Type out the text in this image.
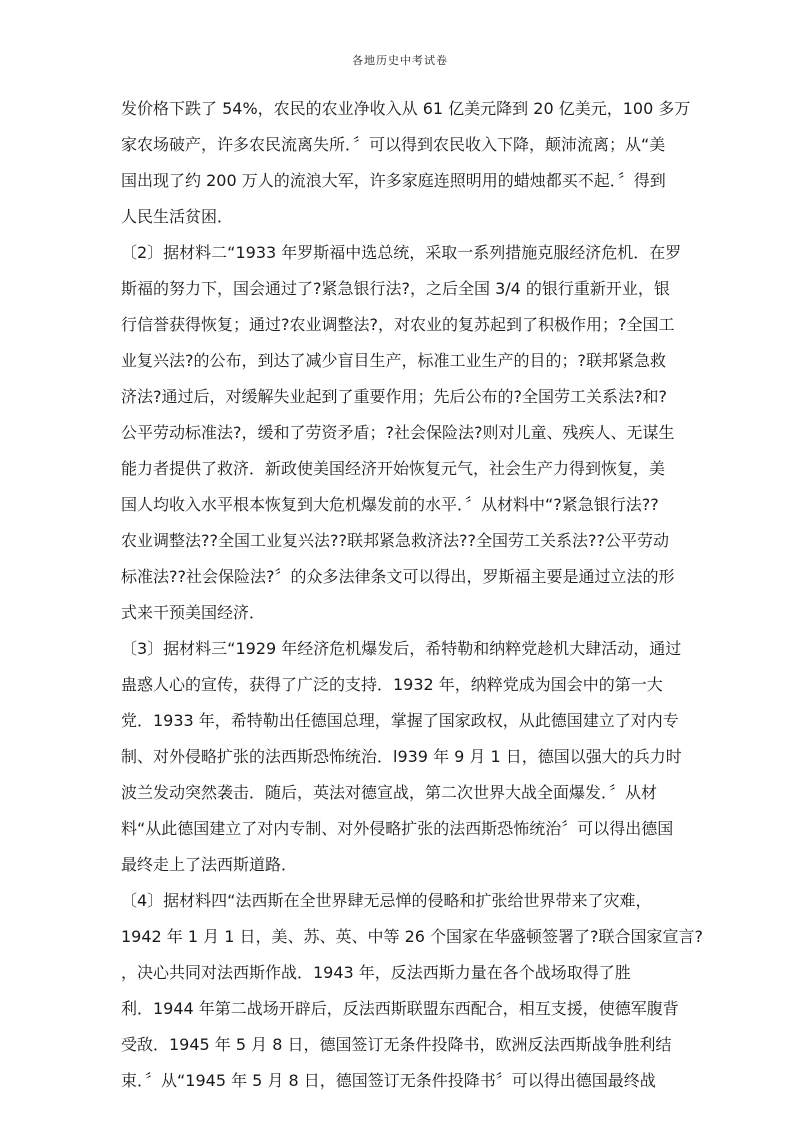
各地历史中考试卷
发价格下跌了 54%，农民的农业净收入从 61 亿美元降到 20 亿美元，100 多万
家农场破产，许多农民流离失所．〞可以得到农民收入下降，颠沛流离；从“美
国出现了约 200 万人的流浪大军，许多家庭连照明用的蜡烛都买不起．〞得到
人民生活贫困．
〔2〕据材料二“1933 年罗斯福中选总统，采取一系列措施克服经济危机．在罗
斯福的努力下，国会通过了?紧急银行法?，之后全国 3/4 的银行重新开业，银
行信誉获得恢复；通过?农业调整法?，对农业的复苏起到了积极作用；?全国工
业复兴法?的公布，到达了减少盲目生产，标准工业生产的目的；?联邦紧急救
济法?通过后，对缓解失业起到了重要作用；先后公布的?全国劳工关系法?和?
公平劳动标准法?，缓和了劳资矛盾；?社会保险法?则对儿童、残疾人、无谋生
能力者提供了救济．新政使美国经济开始恢复元气，社会生产力得到恢复，美
国人均收入水平根本恢复到大危机爆发前的水平．〞从材料中“?紧急银行法??
农业调整法??全国工业复兴法??联邦紧急救济法??全国劳工关系法??公平劳动
标准法??社会保险法?〞的众多法律条文可以得出，罗斯福主要是通过立法的形
式来干预美国经济．
〔3〕据材料三“1929 年经济危机爆发后，希特勒和纳粹党趁机大肆活动，通过
蛊惑人心的宣传，获得了广泛的支持．1932 年，纳粹党成为国会中的第一大
党．1933 年，希特勒出任德国总理，掌握了国家政权，从此德国建立了对内专
制、对外侵略扩张的法西斯恐怖统治．l939 年 9 月 1 日，德国以强大的兵力时
波兰发动突然袭击．随后，英法对德宣战，第二次世界大战全面爆发．〞从材
料“从此德国建立了对内专制、对外侵略扩张的法西斯恐怖统治〞可以得出德国
最终走上了法西斯道路．
〔4〕据材料四“法西斯在全世界肆无忌惮的侵略和扩张给世界带来了灾难，
1942 年 1 月 1 日，美、苏、英、中等 26 个国家在华盛顿签署了?联合国家宣言?
，决心共同对法西斯作战．1943 年，反法西斯力量在各个战场取得了胜
利．1944 年第二战场开辟后，反法西斯联盟东西配合，相互支援，使德军腹背
受敌．1945 年 5 月 8 日，德国签订无条件投降书，欧洲反法西斯战争胜利结
束．〞从“1945 年 5 月 8 日，德国签订无条件投降书〞可以得出德国最终战
